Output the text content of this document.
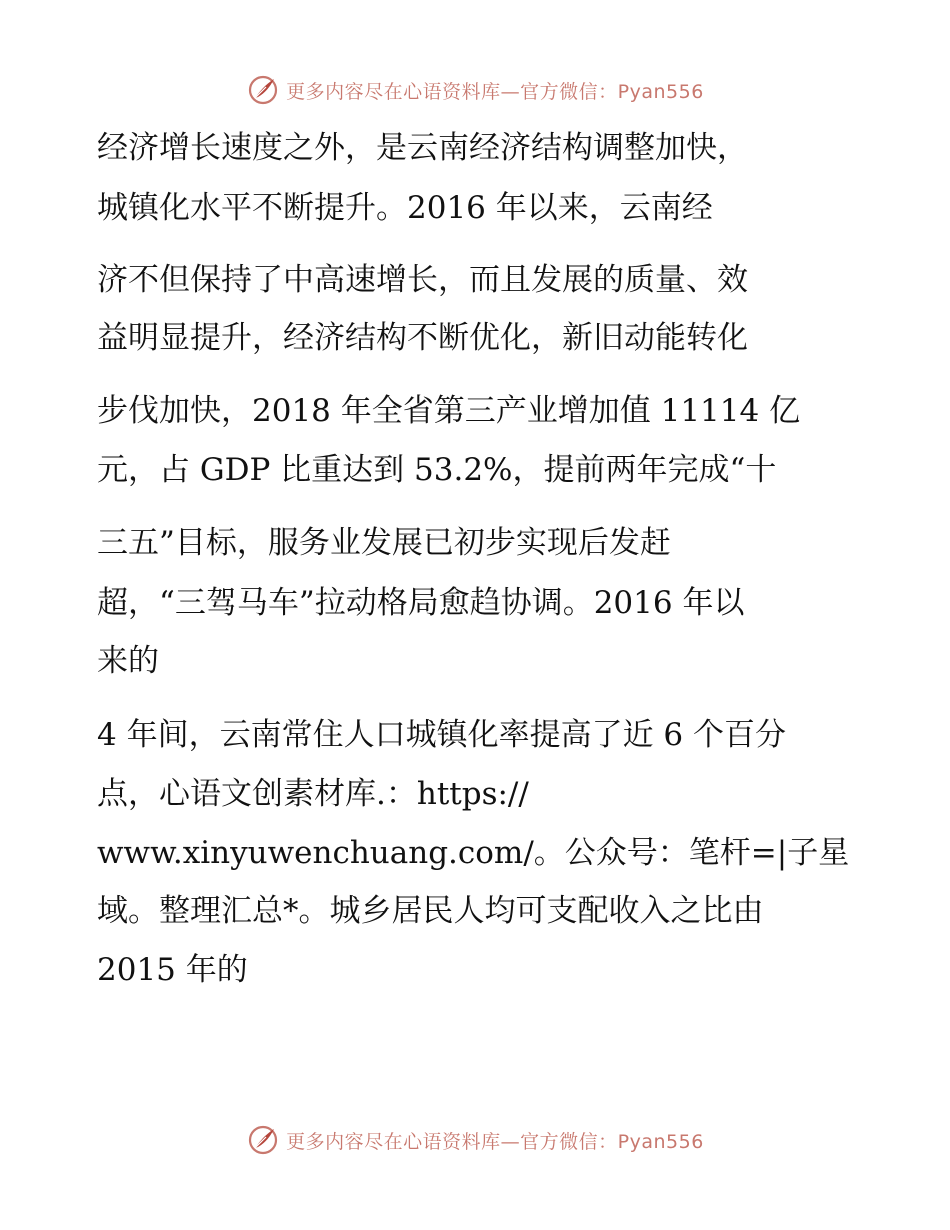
更多内容尽在心语资料库—官方微信：Pyan556
经济增长速度之外，是云南经济结构调整加快，
城镇化水平不断提升。2016 年以来，云南经
济不但保持了中高速增长，而且发展的质量、效
益明显提升，经济结构不断优化，新旧动能转化
步伐加快，2018 年全省第三产业增加值 11114 亿
元，占 GDP 比重达到 53.2%，提前两年完成“十
三五”目标，服务业发展已初步实现后发赶
超，“三驾马车”拉动格局愈趋协调。2016 年以
来的
4 年间，云南常住人口城镇化率提高了近 6 个百分
点，心语文创素材库.：https://
www.xinyuwenchuang.com/。公众号：笔杆=|子星
域。整理汇总*。城乡居民人均可支配收入之比由
2015 年的
更多内容尽在心语资料库—官方微信：Pyan556
